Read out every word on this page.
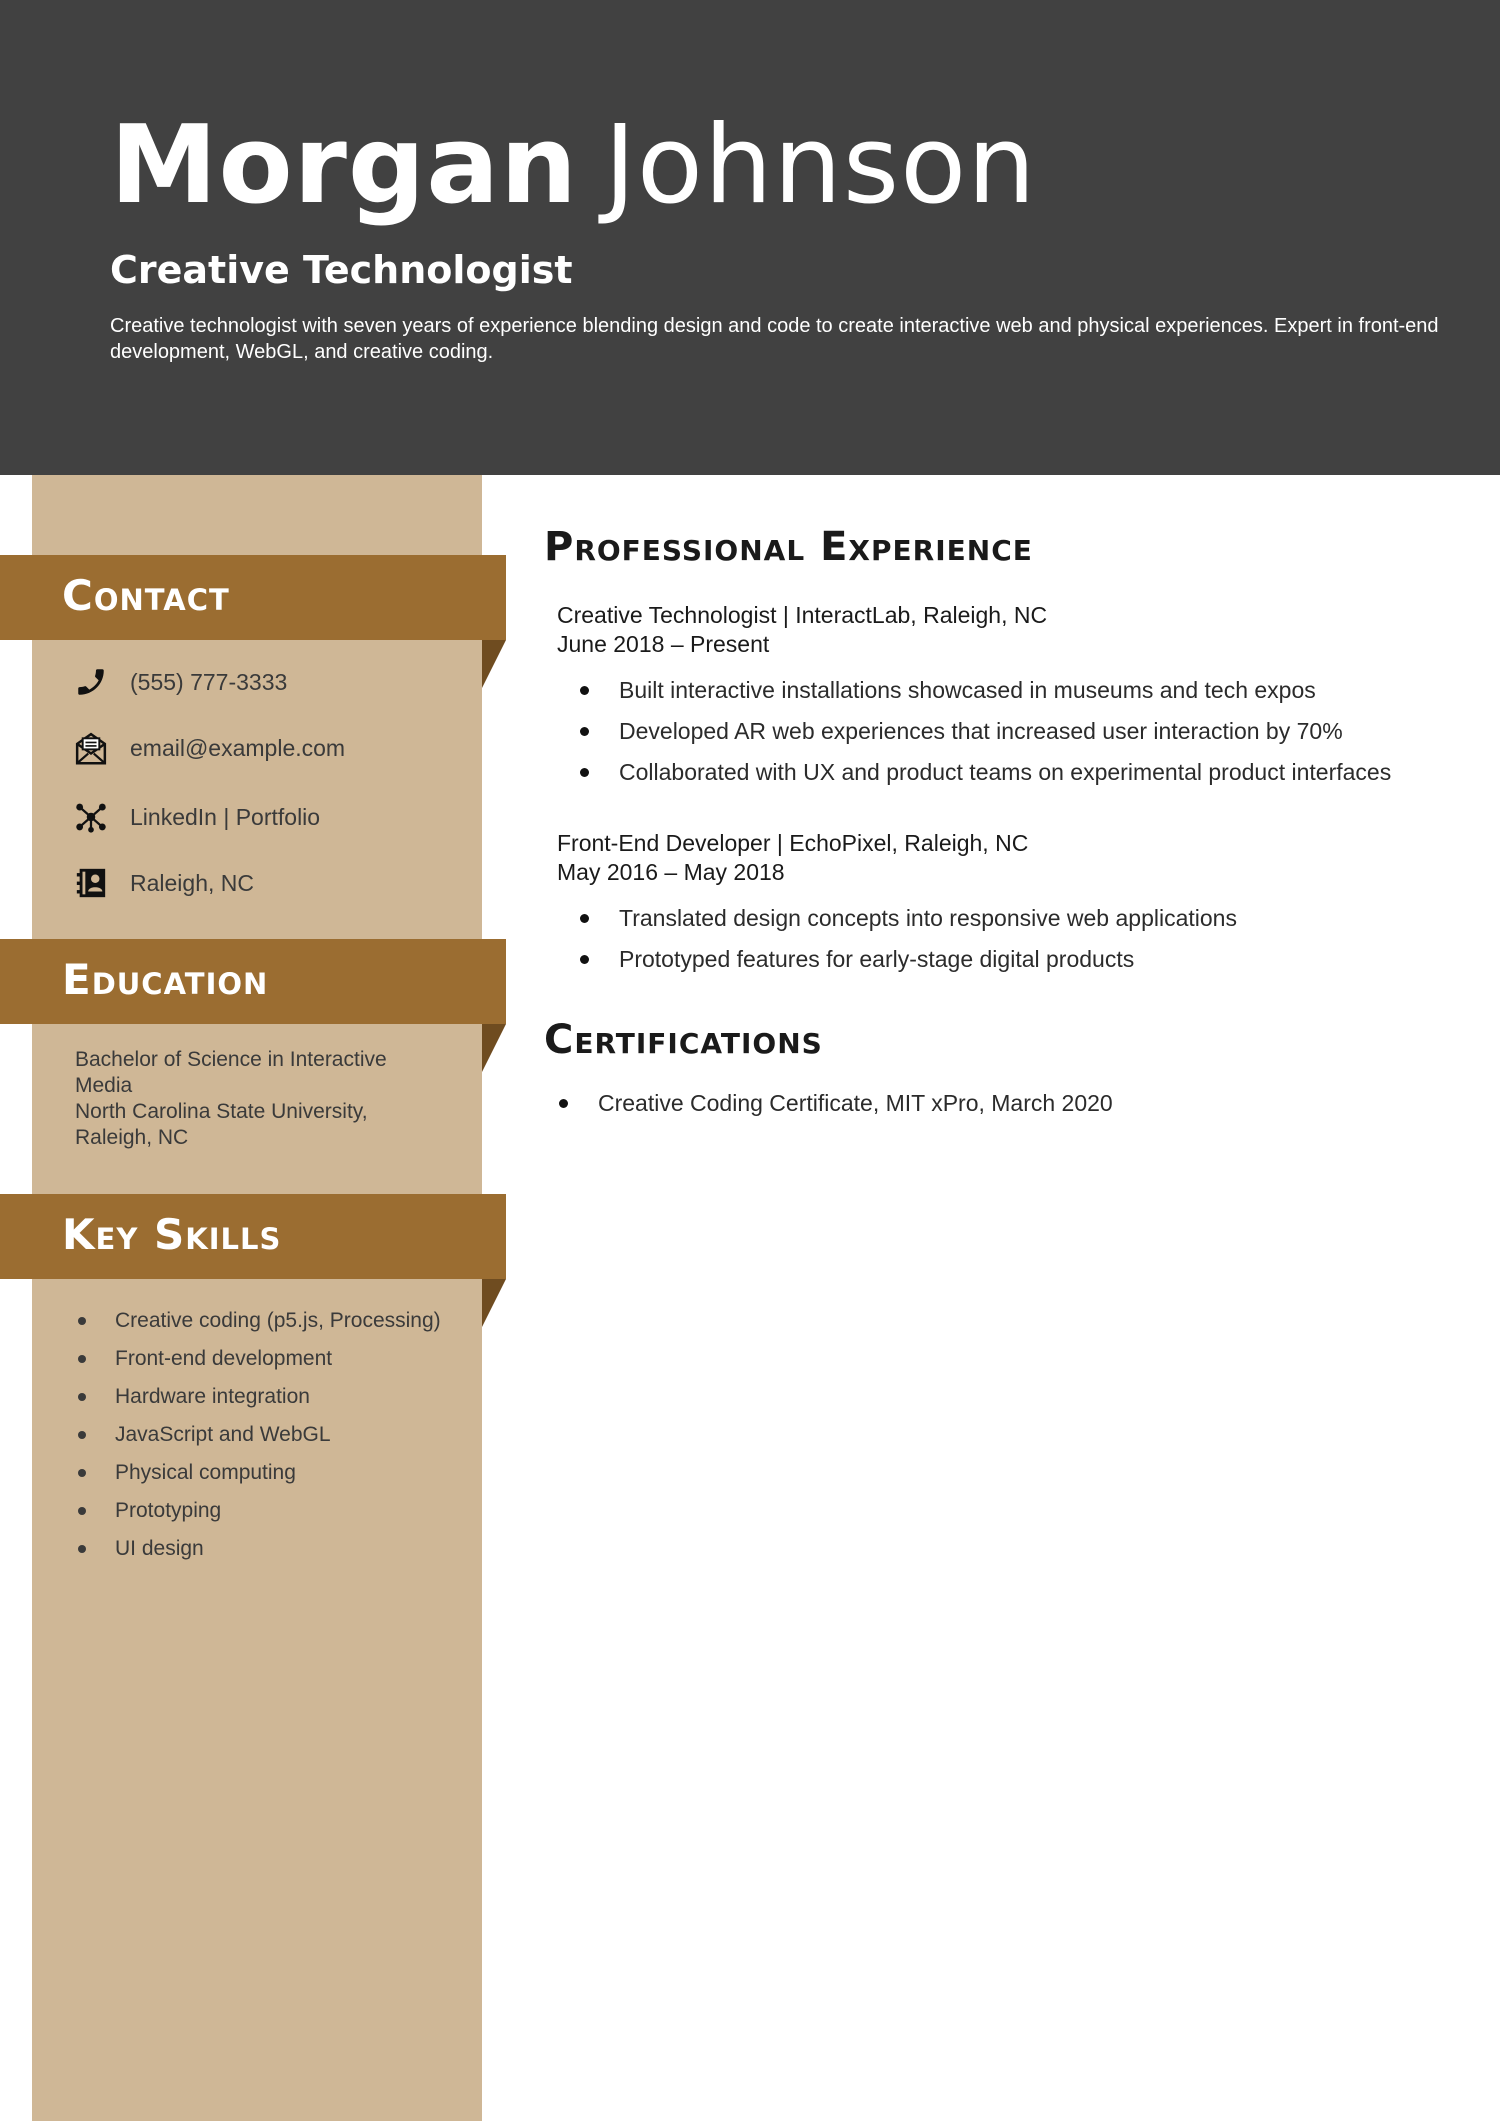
Morgan Johnson
Creative Technologist
Creative technologist with seven years of experience blending design and code to create interactive web and physical experiences. Expert in front-end development, WebGL, and creative coding.
Contact
(555) 777-3333
email@example.com
LinkedIn | Portfolio
Raleigh, NC
Education
Bachelor of Science in Interactive Media
North Carolina State University, Raleigh, NC
Key Skills
Creative coding (p5.js, Processing)
Front-end development
Hardware integration
JavaScript and WebGL
Physical computing
Prototyping
UI design
Professional Experience
Creative Technologist | InteractLab, Raleigh, NC
June 2018 – Present
Built interactive installations showcased in museums and tech expos
Developed AR web experiences that increased user interaction by 70%
Collaborated with UX and product teams on experimental product interfaces
Front-End Developer | EchoPixel, Raleigh, NC
May 2016 – May 2018
Translated design concepts into responsive web applications
Prototyped features for early-stage digital products
Certifications
Creative Coding Certificate, MIT xPro, March 2020
